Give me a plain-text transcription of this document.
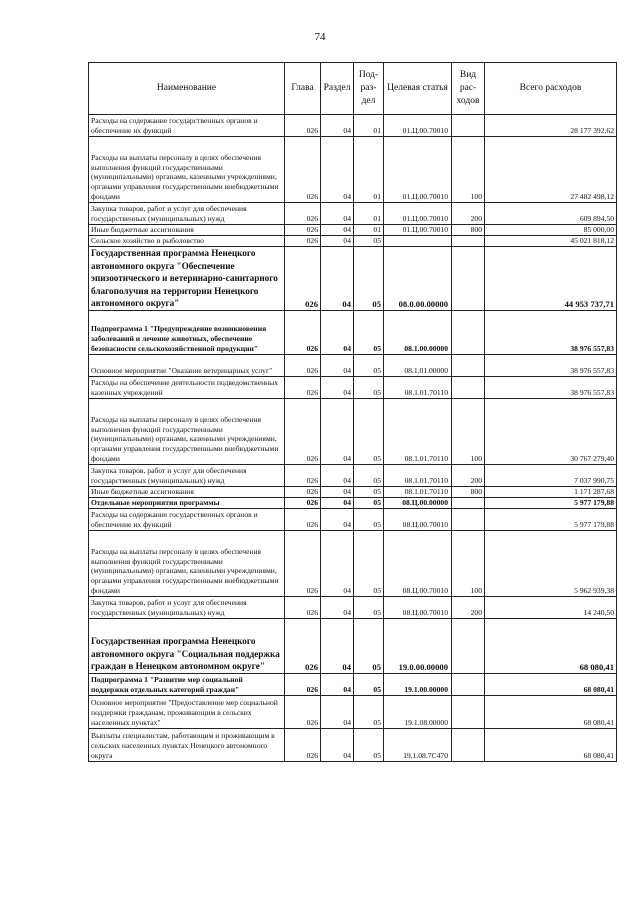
74
Наименование	Глава	Раздел	Под-раз-дел	Целевая статья	Вид рас-ходов	Всего расходов
Расходы на содержание государственных органов и обеспечение их функций	026	04	01	01.Ц.00.70010		28 177 392,62
Расходы на выплаты персоналу в целях обеспечения выполнения функций государственными (муниципальными) органами, казенными учреждениями, органами управления государственными внебюджетными фондами	026	04	01	01.Ц.00.70010	100	27 482 498,12
Закупка товаров, работ и услуг для обеспечения государственных (муниципальных) нужд	026	04	01	01.Ц.00.70010	200	609 894,50
Иные бюджетные ассигнования	026	04	01	01.Ц.00.70010	800	85 000,00
Сельское хозяйство и рыболовство	026	04	05			45 021 818,12
Государственная программа Ненецкого автономного округа "Обеспечение эпизоотического и ветеринарно-санитарного благополучия на территории Ненецкого автономного округа"	026	04	05	08.0.00.00000		44 953 737,71
Подпрограмма 1 "Предупреждение возникновения заболеваний и лечение животных, обеспечение безопасности сельскохозяйственной продукции"	026	04	05	08.1.00.00000		38 976 557,83
Основное мероприятие "Оказание ветеринарных услуг"	026	04	05	08.1.01.00000		38 976 557,83
Расходы на обеспечение деятельности подведомственных казенных учреждений	026	04	05	08.1.01.70110		38 976 557,83
Расходы на выплаты персоналу в целях обеспечения выполнения функций государственными (муниципальными) органами, казенными учреждениями, органами управления государственными внебюджетными фондами	026	04	05	08.1.01.70110	100	30 767 279,40
Закупка товаров, работ и услуг для обеспечения государственных (муниципальных) нужд	026	04	05	08.1.01.70110	200	7 037 990,75
Иные бюджетные ассигнования	026	04	05	08.1.01.70110	800	1 171 287,68
Отдельные мероприятия программы	026	04	05	08.Ц.00.00000		5 977 179,88
Расходы на содержание государственных органов и обеспечение их функций	026	04	05	08.Ц.00.70010		5 977 179,88
Расходы на выплаты персоналу в целях обеспечения выполнения функций государственными (муниципальными) органами, казенными учреждениями, органами управления государственными внебюджетными фондами	026	04	05	08.Ц.00.70010	100	5 962 939,38
Закупка товаров, работ и услуг для обеспечения государственных (муниципальных) нужд	026	04	05	08.Ц.00.70010	200	14 240,50
Государственная программа Ненецкого автономного округа "Социальная поддержка граждан в Ненецком автономном округе"	026	04	05	19.0.00.00000		68 080,41
Подпрограмма 1 "Развитие мер социальной поддержки отдельных категорий граждан"	026	04	05	19.1.00.00000		68 080,41
Основное мероприятие "Предоставление мер социальной поддержки гражданам, проживающим в сельских населенных пунктах"	026	04	05	19.1.08.00000		68 080,41
Выплаты специалистам, работающим и проживающим в сельских населенных пунктах Ненецкого автономного округа	026	04	05	19.1.08.7С470		68 080,41
